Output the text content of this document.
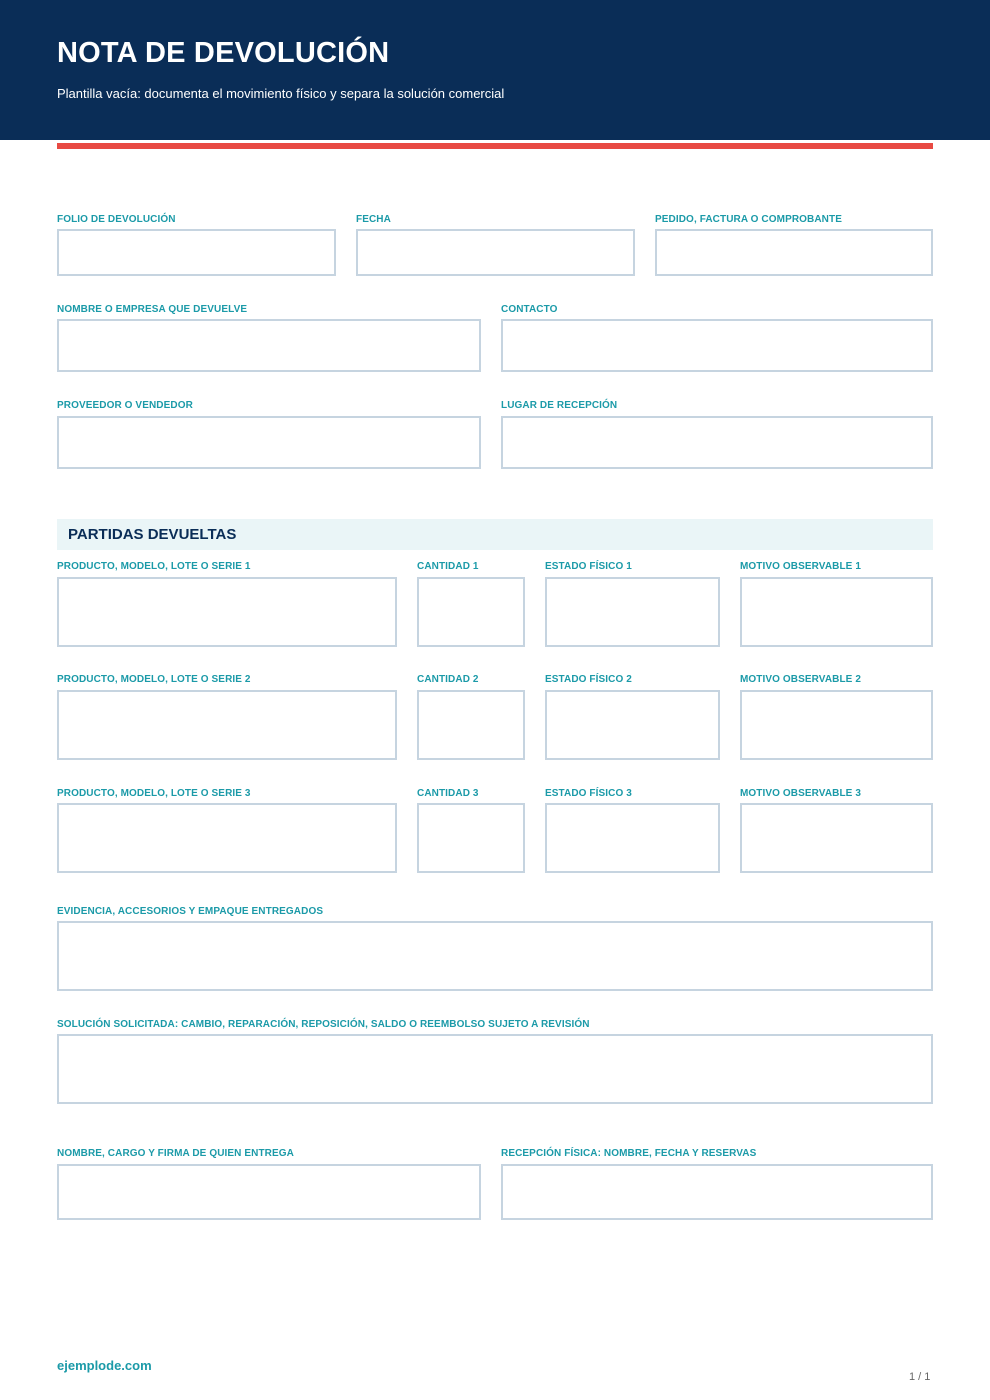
NOTA DE DEVOLUCIÓN
Plantilla vacía: documenta el movimiento físico y separa la solución comercial
FOLIO DE DEVOLUCIÓN	FECHA	PEDIDO, FACTURA O COMPROBANTE
NOMBRE O EMPRESA QUE DEVUELVE	CONTACTO
PROVEEDOR O VENDEDOR	LUGAR DE RECEPCIÓN
PARTIDAS DEVUELTAS
PRODUCTO, MODELO, LOTE O SERIE 1	CANTIDAD 1	ESTADO FÍSICO 1	MOTIVO OBSERVABLE 1
PRODUCTO, MODELO, LOTE O SERIE 2	CANTIDAD 2	ESTADO FÍSICO 2	MOTIVO OBSERVABLE 2
PRODUCTO, MODELO, LOTE O SERIE 3	CANTIDAD 3	ESTADO FÍSICO 3	MOTIVO OBSERVABLE 3
EVIDENCIA, ACCESORIOS Y EMPAQUE ENTREGADOS
SOLUCIÓN SOLICITADA: CAMBIO, REPARACIÓN, REPOSICIÓN, SALDO O REEMBOLSO SUJETO A REVISIÓN
NOMBRE, CARGO Y FIRMA DE QUIEN ENTREGA	RECEPCIÓN FÍSICA: NOMBRE, FECHA Y RESERVAS
ejemplode.com
1 / 1
